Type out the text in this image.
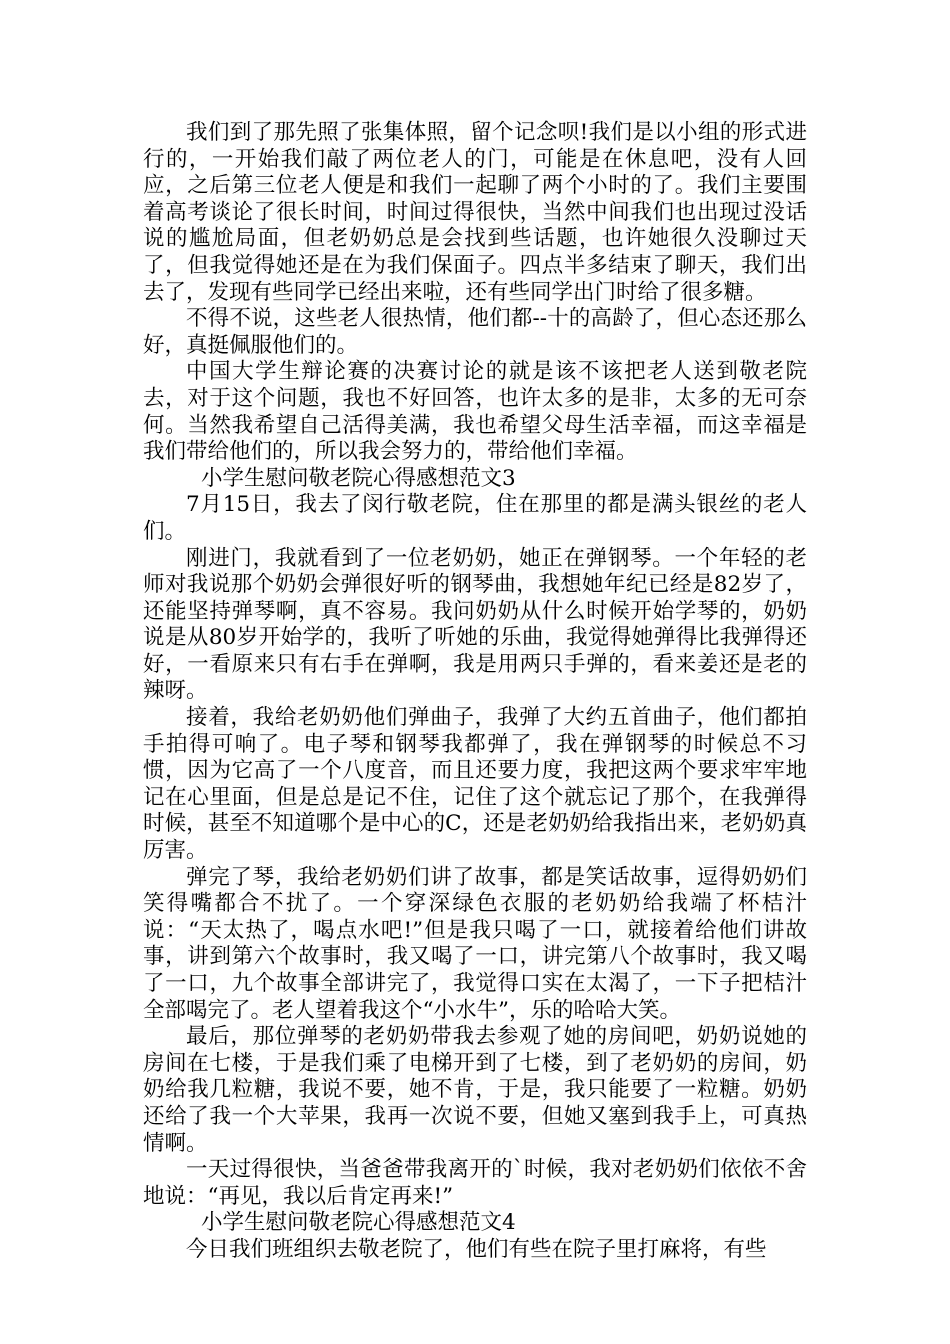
我们到了那先照了张集体照，留个记念呗!我们是以小组的形式进行的，一开始我们敲了两位老人的门，可能是在休息吧，没有人回应，之后第三位老人便是和我们一起聊了两个小时的了。我们主要围着高考谈论了很长时间，时间过得很快，当然中间我们也出现过没话说的尴尬局面，但老奶奶总是会找到些话题，也许她很久没聊过天了，但我觉得她还是在为我们保面子。四点半多结束了聊天，我们出去了，发现有些同学已经出来啦，还有些同学出门时给了很多糖。

不得不说，这些老人很热情，他们都--十的高龄了，但心态还那么好，真挺佩服他们的。

中国大学生辩论赛的决赛讨论的就是该不该把老人送到敬老院去，对于这个问题，我也不好回答，也许太多的是非，太多的无可奈何。当然我希望自己活得美满，我也希望父母生活幸福，而这幸福是我们带给他们的，所以我会努力的，带给他们幸福。

小学生慰问敬老院心得感想范文3

7月15日，我去了闵行敬老院，住在那里的都是满头银丝的老人们。

刚进门，我就看到了一位老奶奶，她正在弹钢琴。一个年轻的老师对我说那个奶奶会弹很好听的钢琴曲，我想她年纪已经是82岁了，还能坚持弹琴啊，真不容易。我问奶奶从什么时候开始学琴的，奶奶说是从80岁开始学的，我听了听她的乐曲，我觉得她弹得比我弹得还好，一看原来只有右手在弹啊，我是用两只手弹的，看来姜还是老的辣呀。

接着，我给老奶奶他们弹曲子，我弹了大约五首曲子，他们都拍手拍得可响了。电子琴和钢琴我都弹了，我在弹钢琴的时候总不习惯，因为它高了一个八度音，而且还要力度，我把这两个要求牢牢地记在心里面，但是总是记不住，记住了这个就忘记了那个，在我弹得时候，甚至不知道哪个是中心的C，还是老奶奶给我指出来，老奶奶真厉害。

弹完了琴，我给老奶奶们讲了故事，都是笑话故事，逗得奶奶们笑得嘴都合不扰了。一个穿深绿色衣服的老奶奶给我端了杯桔汁说：“天太热了，喝点水吧!”但是我只喝了一口，就接着给他们讲故事，讲到第六个故事时，我又喝了一口，讲完第八个故事时，我又喝了一口，九个故事全部讲完了，我觉得口实在太渴了，一下子把桔汁全部喝完了。老人望着我这个“小水牛”，乐的哈哈大笑。

最后，那位弹琴的老奶奶带我去参观了她的房间吧，奶奶说她的房间在七楼，于是我们乘了电梯开到了七楼，到了老奶奶的房间，奶奶给我几粒糖，我说不要，她不肯，于是，我只能要了一粒糖。奶奶还给了我一个大苹果，我再一次说不要，但她又塞到我手上，可真热情啊。

一天过得很快，当爸爸带我离开的`时候，我对老奶奶们依依不舍地说：“再见，我以后肯定再来!”

小学生慰问敬老院心得感想范文4

今日我们班组织去敬老院了，他们有些在院子里打麻将，有些
